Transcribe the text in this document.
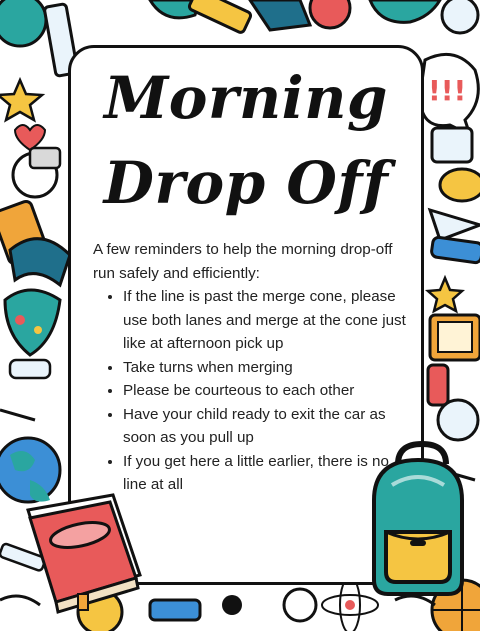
!!!
Morning
Drop Off
A few reminders to help the morning drop-off run safely and efficiently:
• If the line is past the merge cone, please use both lanes and merge at the cone just like at afternoon pick up
• Take turns when merging
• Please be courteous to each other
• Have your child ready to exit the car as soon as you pull up
• If you get here a little earlier, there is no line at all
